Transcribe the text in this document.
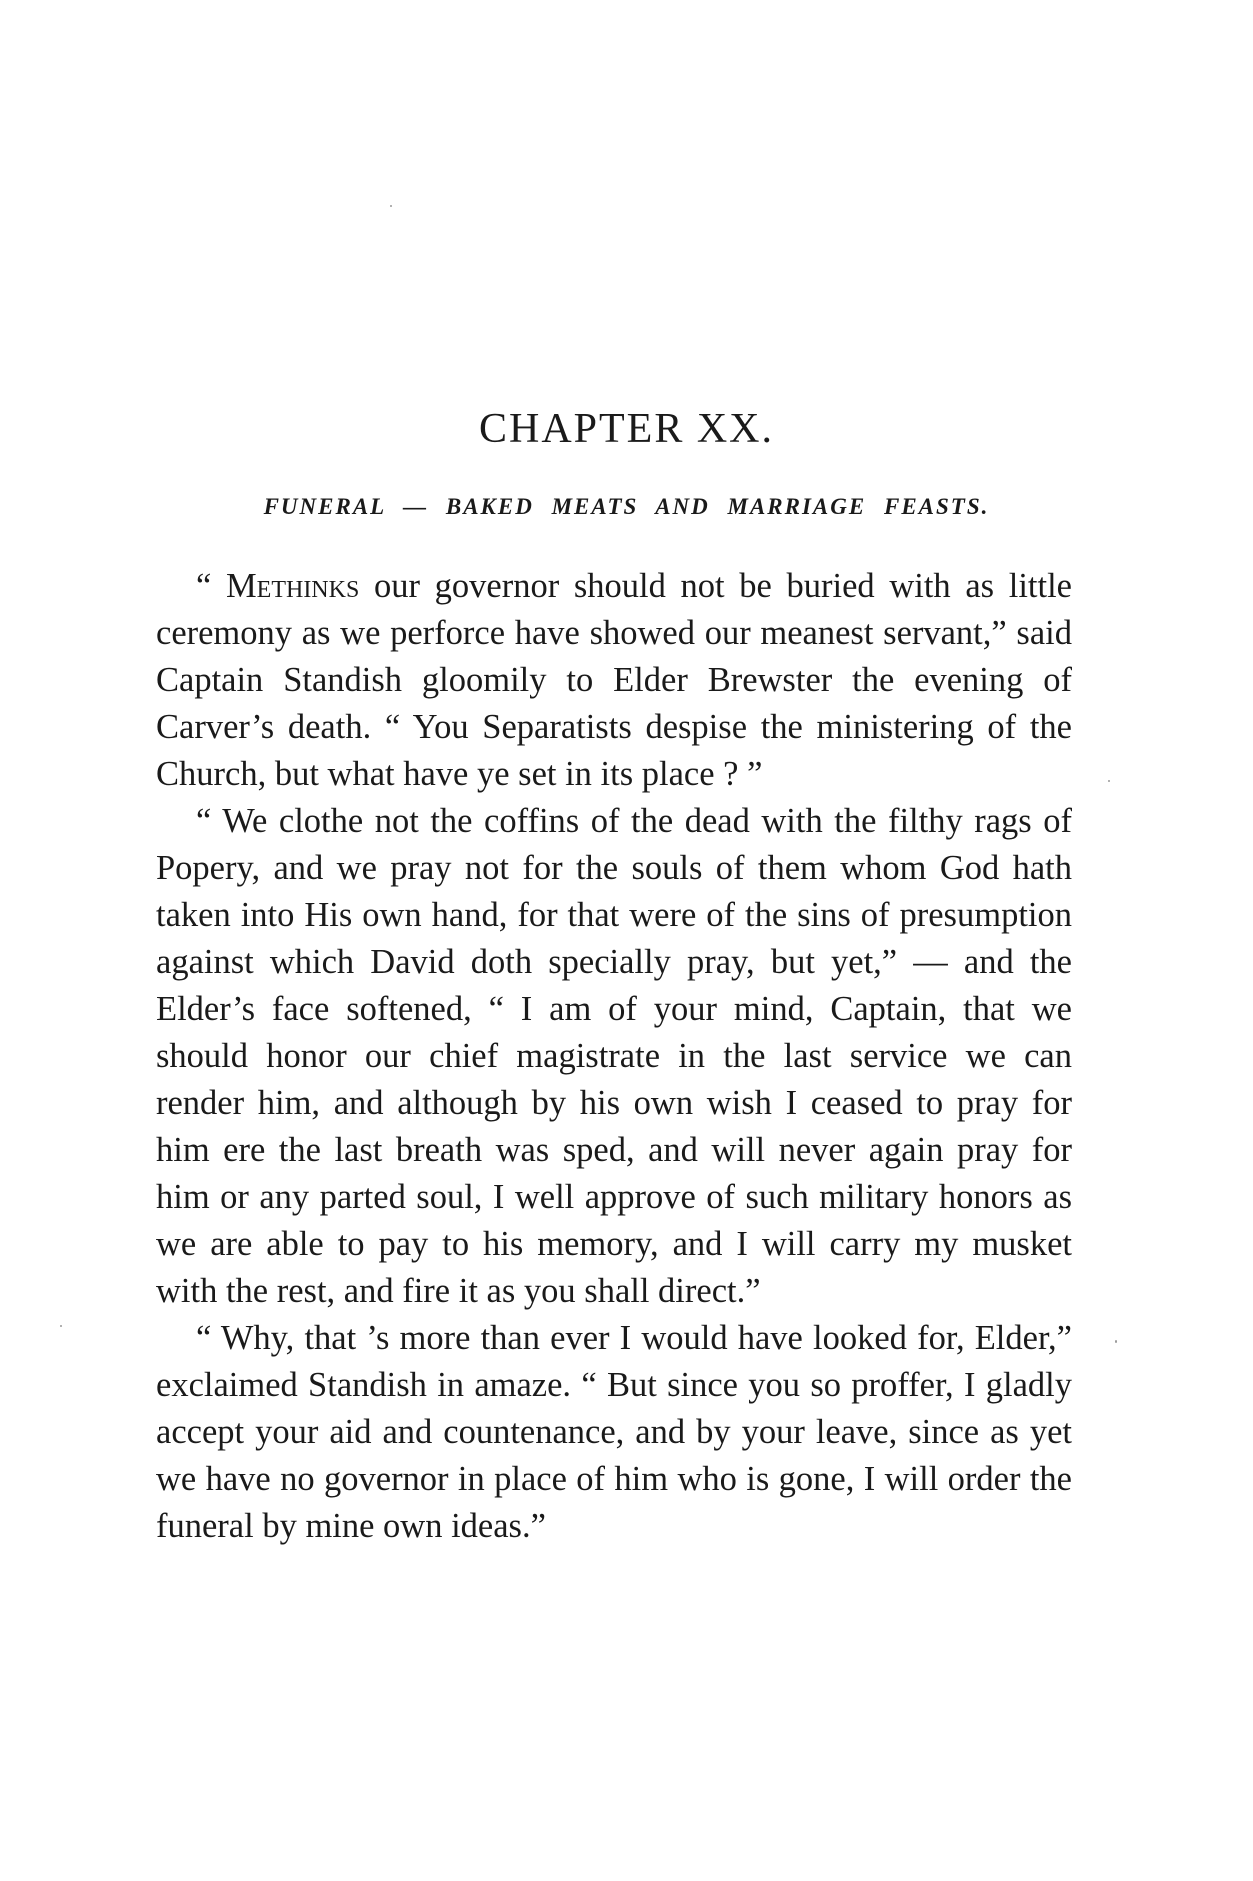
CHAPTER XX.
FUNERAL — BAKED MEATS AND MARRIAGE FEASTS.

“ Methinks our governor should not be buried with as little ceremony as we perforce have showed our meanest servant,” said Captain Standish gloomily to Elder Brewster the evening of Carver’s death. “ You Separatists despise the ministering of the Church, but what have ye set in its place ? ”

“ We clothe not the coffins of the dead with the filthy rags of Popery, and we pray not for the souls of them whom God hath taken into His own hand, for that were of the sins of presumption against which David doth specially pray, but yet,” — and the Elder’s face softened, “ I am of your mind, Captain, that we should honor our chief magistrate in the last service we can render him, and although by his own wish I ceased to pray for him ere the last breath was sped, and will never again pray for him or any parted soul, I well approve of such military honors as we are able to pay to his memory, and I will carry my musket with the rest, and fire it as you shall direct.”

“ Why, that ’s more than ever I would have looked for, Elder,” exclaimed Standish in amaze. “ But since you so proffer, I gladly accept your aid and countenance, and by your leave, since as yet we have no governor in place of him who is gone, I will order the funeral by mine own ideas.”
